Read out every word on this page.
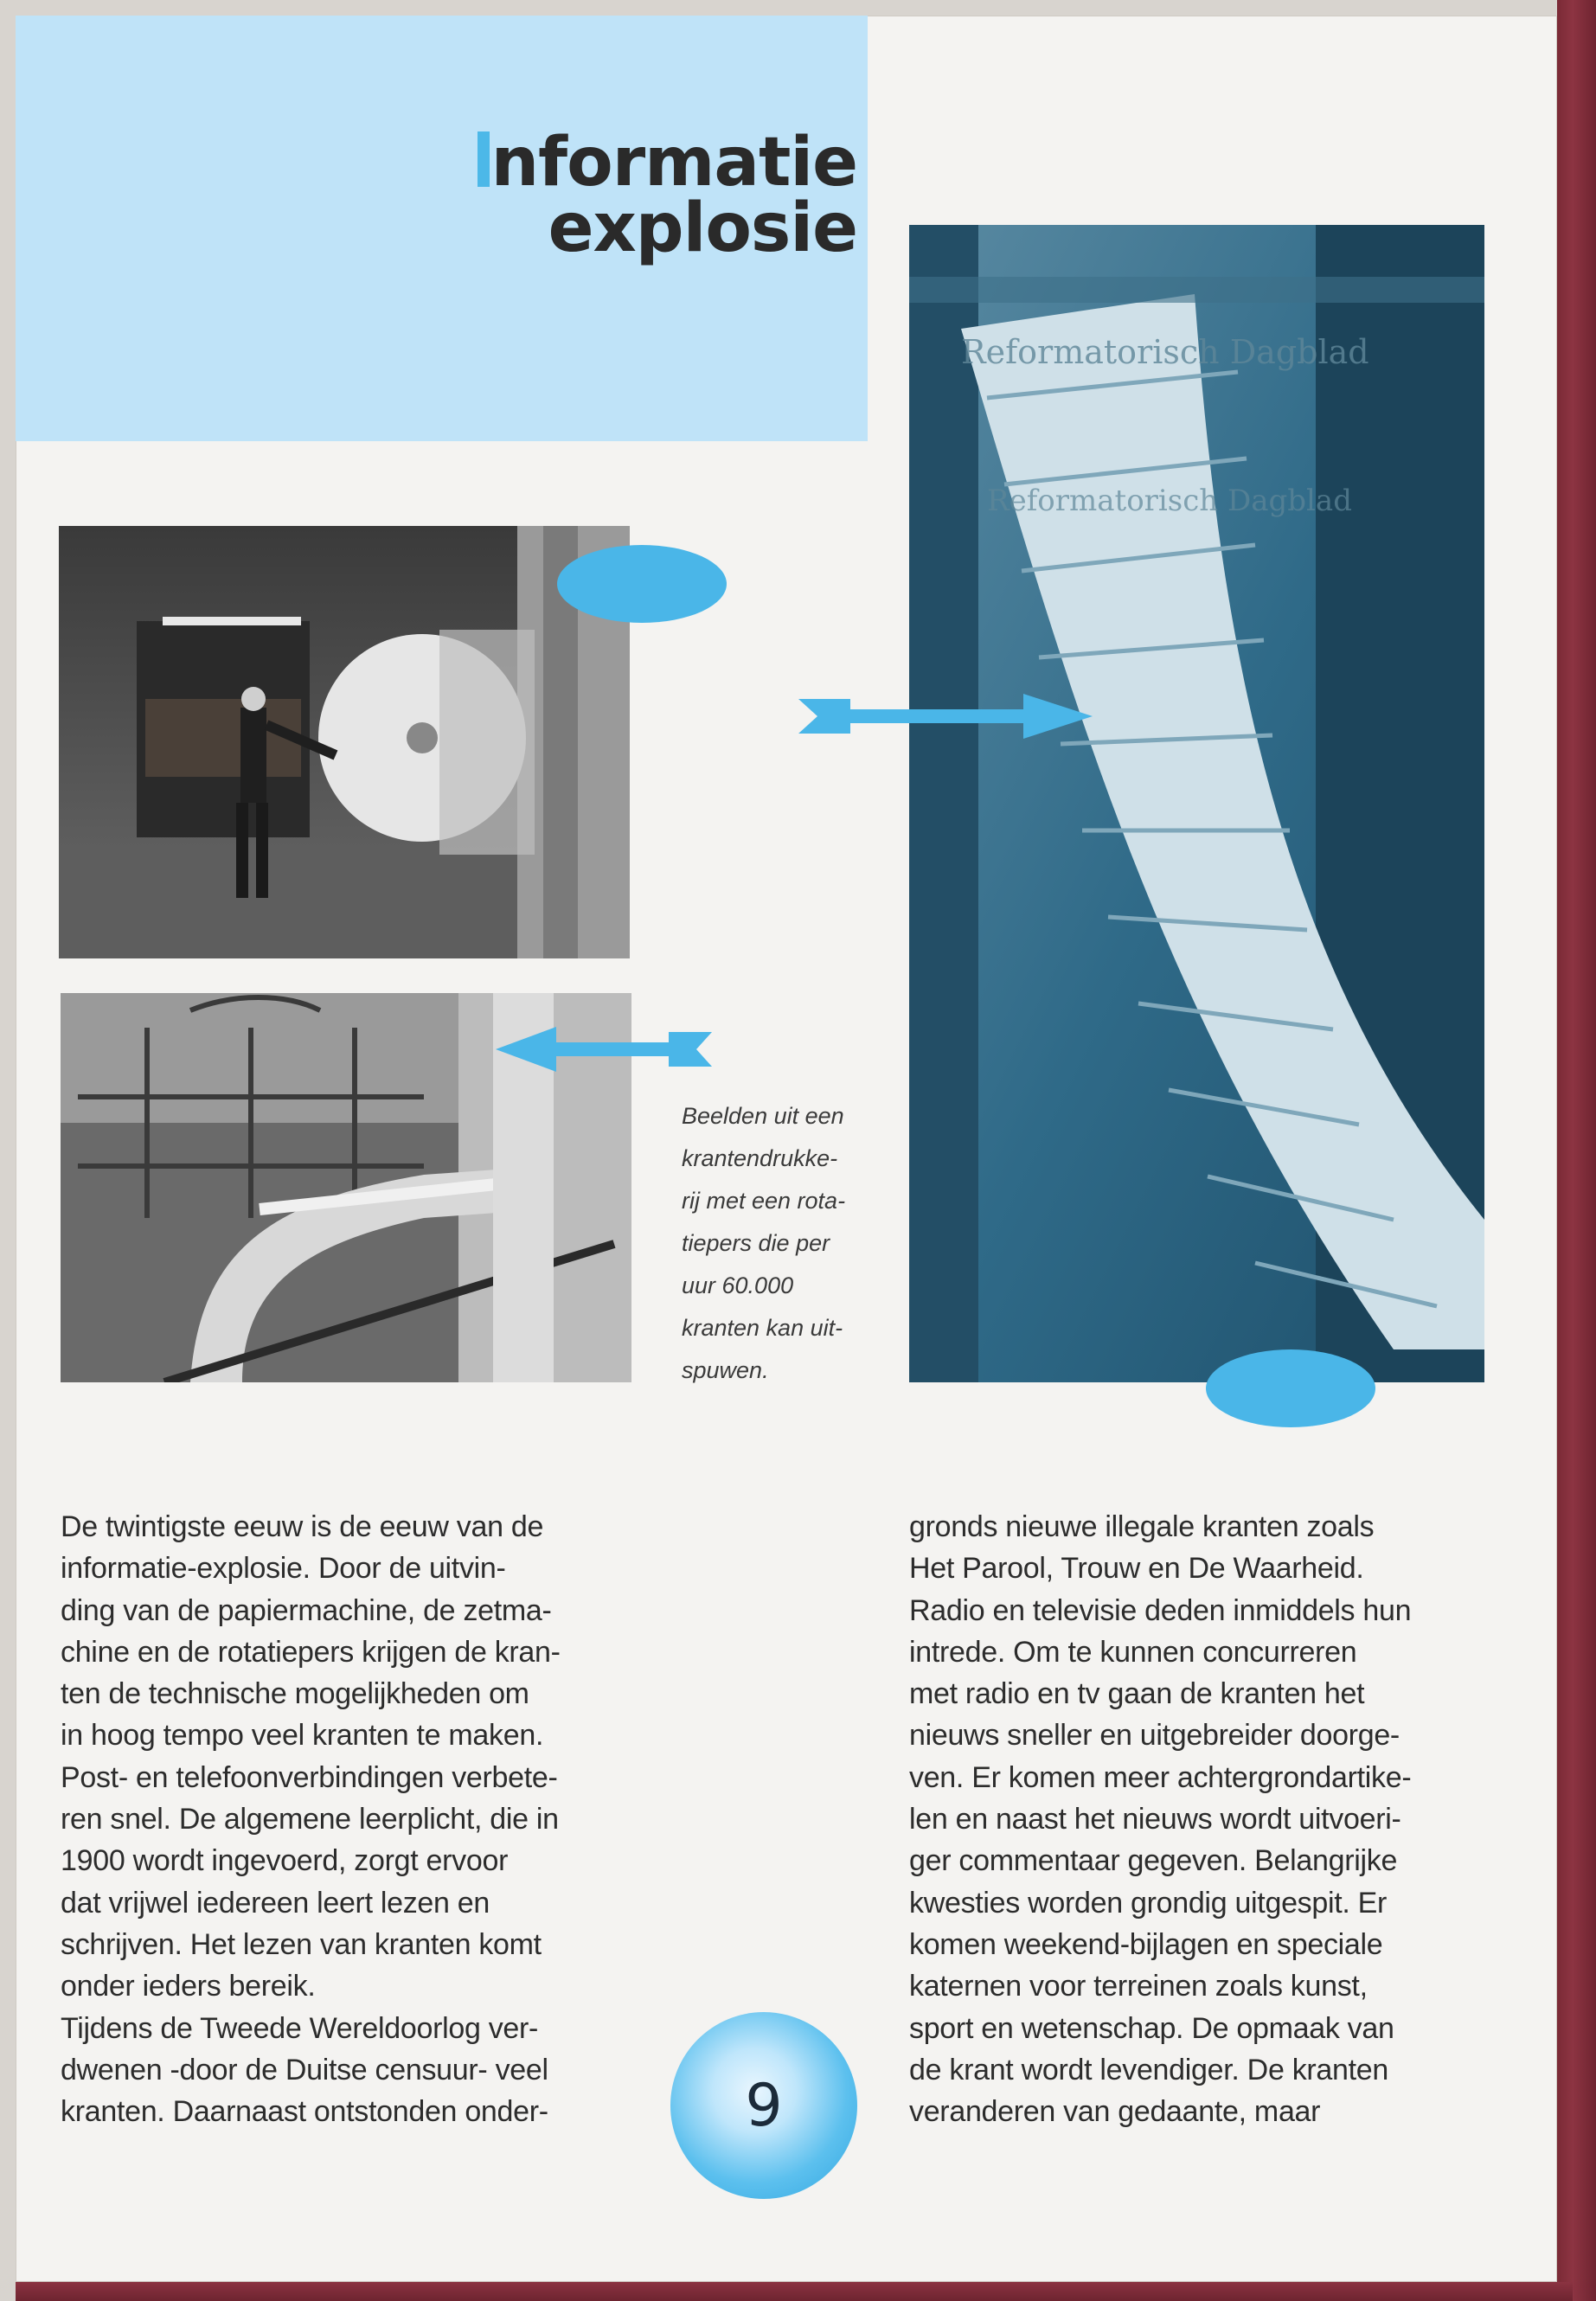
nformatie
explosie
Reformatorisch Dagblad
Reformatorisch Dagblad
Beelden uit een
krantendrukke-
rij met een rota-
tiepers die per
uur 60.000
kranten kan uit-
spuwen.
De twintigste eeuw is de eeuw van de
informatie-explosie. Door de uitvin-
ding van de papiermachine, de zetma-
chine en de rotatiepers krijgen de kran-
ten de technische mogelijkheden om
in hoog tempo veel kranten te maken.
Post- en telefoonverbindingen verbete-
ren snel. De algemene leerplicht, die in
1900 wordt ingevoerd, zorgt ervoor
dat vrijwel iedereen leert lezen en
schrijven. Het lezen van kranten komt
onder ieders bereik.
Tijdens de Tweede Wereldoorlog ver-
dwenen -door de Duitse censuur- veel
kranten. Daarnaast ontstonden onder-
gronds nieuwe illegale kranten zoals
Het Parool, Trouw en De Waarheid.
Radio en televisie deden inmiddels hun
intrede. Om te kunnen concurreren
met radio en tv gaan de kranten het
nieuws sneller en uitgebreider doorge-
ven. Er komen meer achtergrondartike-
len en naast het nieuws wordt uitvoeri-
ger commentaar gegeven. Belangrijke
kwesties worden grondig uitgespit. Er
komen weekend-bijlagen en speciale
katernen voor terreinen zoals kunst,
sport en wetenschap. De opmaak van
de krant wordt levendiger. De kranten
veranderen van gedaante, maar
9
